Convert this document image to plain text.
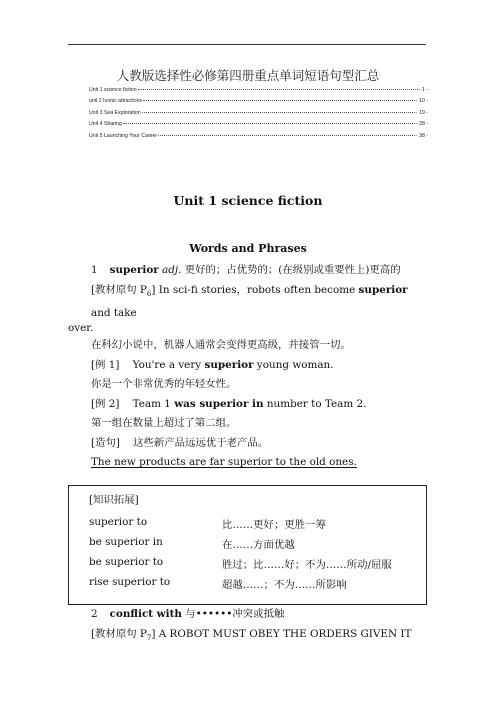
人教版选择性必修第四册重点单词短语句型汇总
Unit 1 science fiction	- 1 -
unit 2 Iconic attractions	- 10 -
Unit 3 Sea Exploration	- 19 -
Unit 4 Sharing	- 28 -
Unit 5 Launching Your Career	- 38 -
Unit 1 science fiction
Words and Phrases

1 superior adj. 更好的；占优势的；(在级别或重要性上)更高的

[教材原句 $P_6$] In sci-fi stories，robots often become superior and take

over.

在科幻小说中，机器人通常会变得更高级，并接管一切。

[例 1] You're a very superior young woman.

你是一个非常优秀的年轻女性。

[例 2] Team 1 was superior in number to Team 2.

第一组在数量上超过了第二组。

[造句] 这些新产品远远优于老产品。

The new products are far superior to the old ones.

[知识拓展]
superior to	比……更好；更胜一筹
be superior in	在……方面优越
be superior to	胜过；比……好；不为……所动/屈服
rise superior to	超越……；不为……所影响

2 conflict with 与••••••冲突或抵触

[教材原句 $P_7$] A ROBOT MUST OBEY THE ORDERS GIVEN IT
